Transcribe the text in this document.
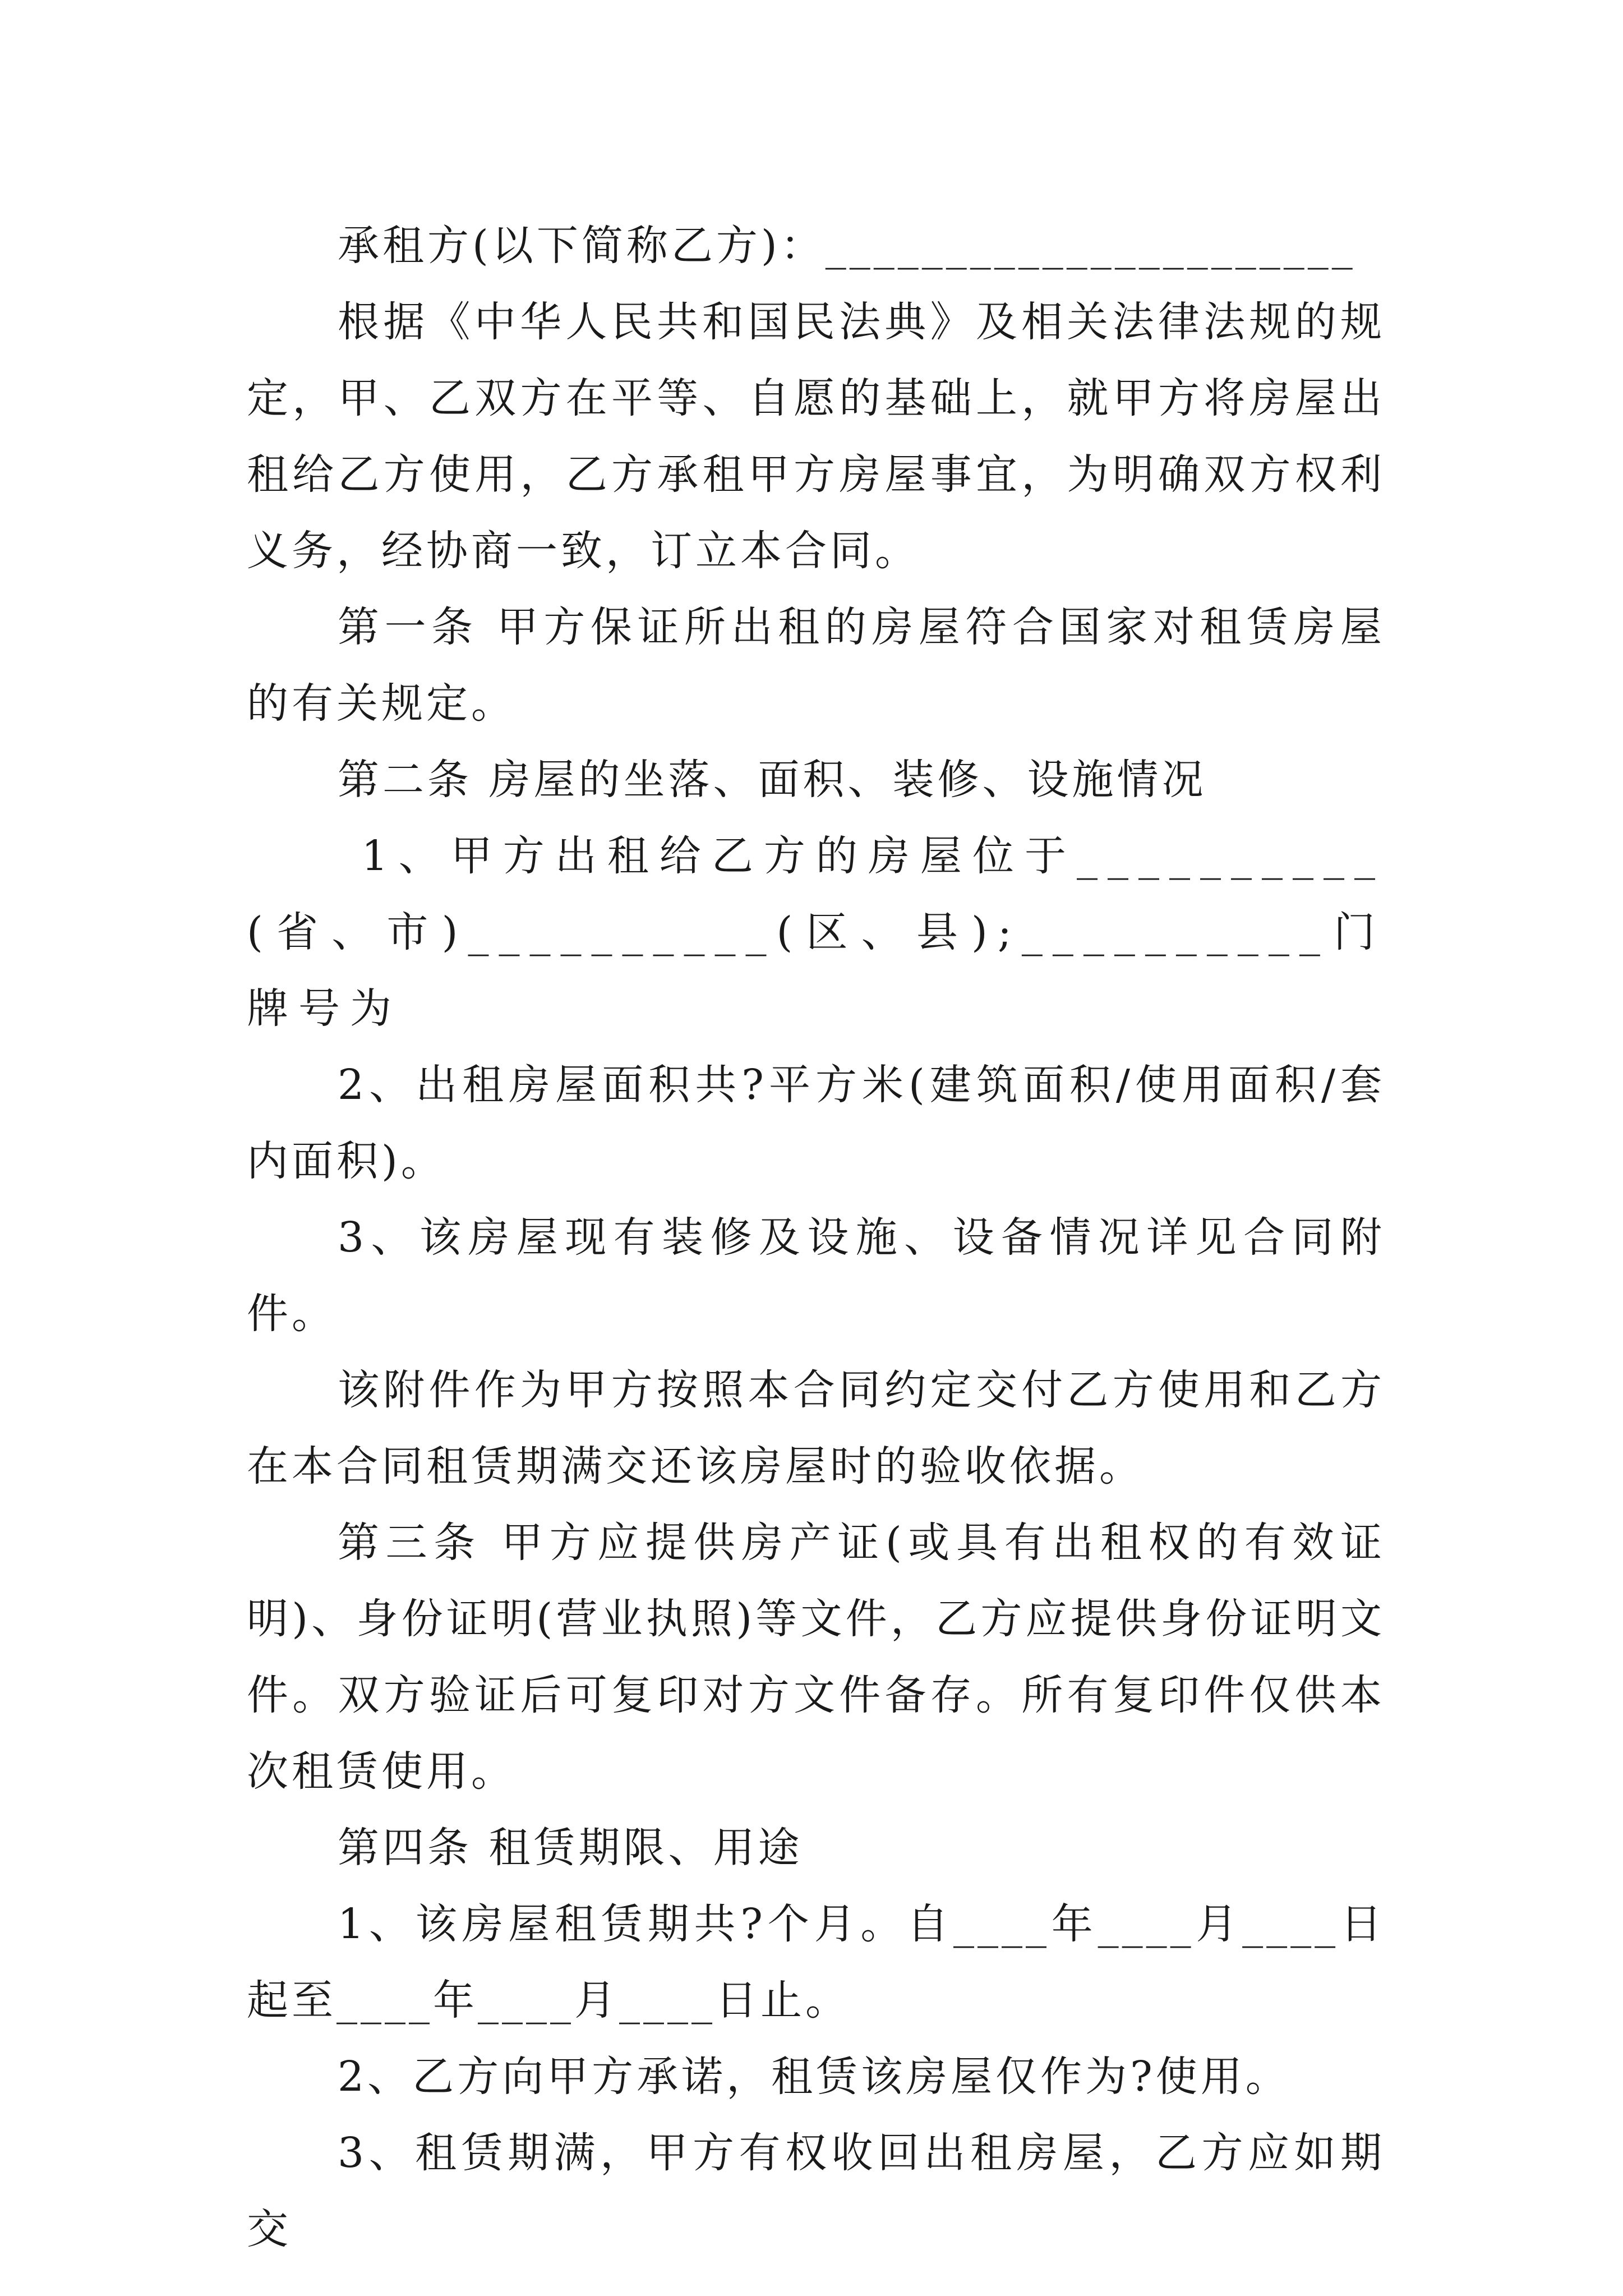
承租方(以下简称乙方)：______________________

根据《中华人民共和国民法典》及相关法律法规的规定，甲、乙双方在平等、自愿的基础上，就甲方将房屋出租给乙方使用，乙方承租甲方房屋事宜，为明确双方权利义务，经协商一致，订立本合同。

第一条 甲方保证所出租的房屋符合国家对租赁房屋的有关规定。

第二条 房屋的坐落、面积、装修、设施情况

1、甲方出租给乙方的房屋位于__________(省、市)__________(区、县);__________门牌号为

2、出租房屋面积共?平方米(建筑面积/使用面积/套内面积)。

3、该房屋现有装修及设施、设备情况详见合同附件。

该附件作为甲方按照本合同约定交付乙方使用和乙方在本合同租赁期满交还该房屋时的验收依据。

第三条 甲方应提供房产证(或具有出租权的有效证明)、身份证明(营业执照)等文件，乙方应提供身份证明文件。双方验证后可复印对方文件备存。所有复印件仅供本次租赁使用。

第四条 租赁期限、用途

1、该房屋租赁期共?个月。自____年____月____日起至____年____月____日止。

2、乙方向甲方承诺，租赁该房屋仅作为?使用。

3、租赁期满，甲方有权收回出租房屋，乙方应如期交
